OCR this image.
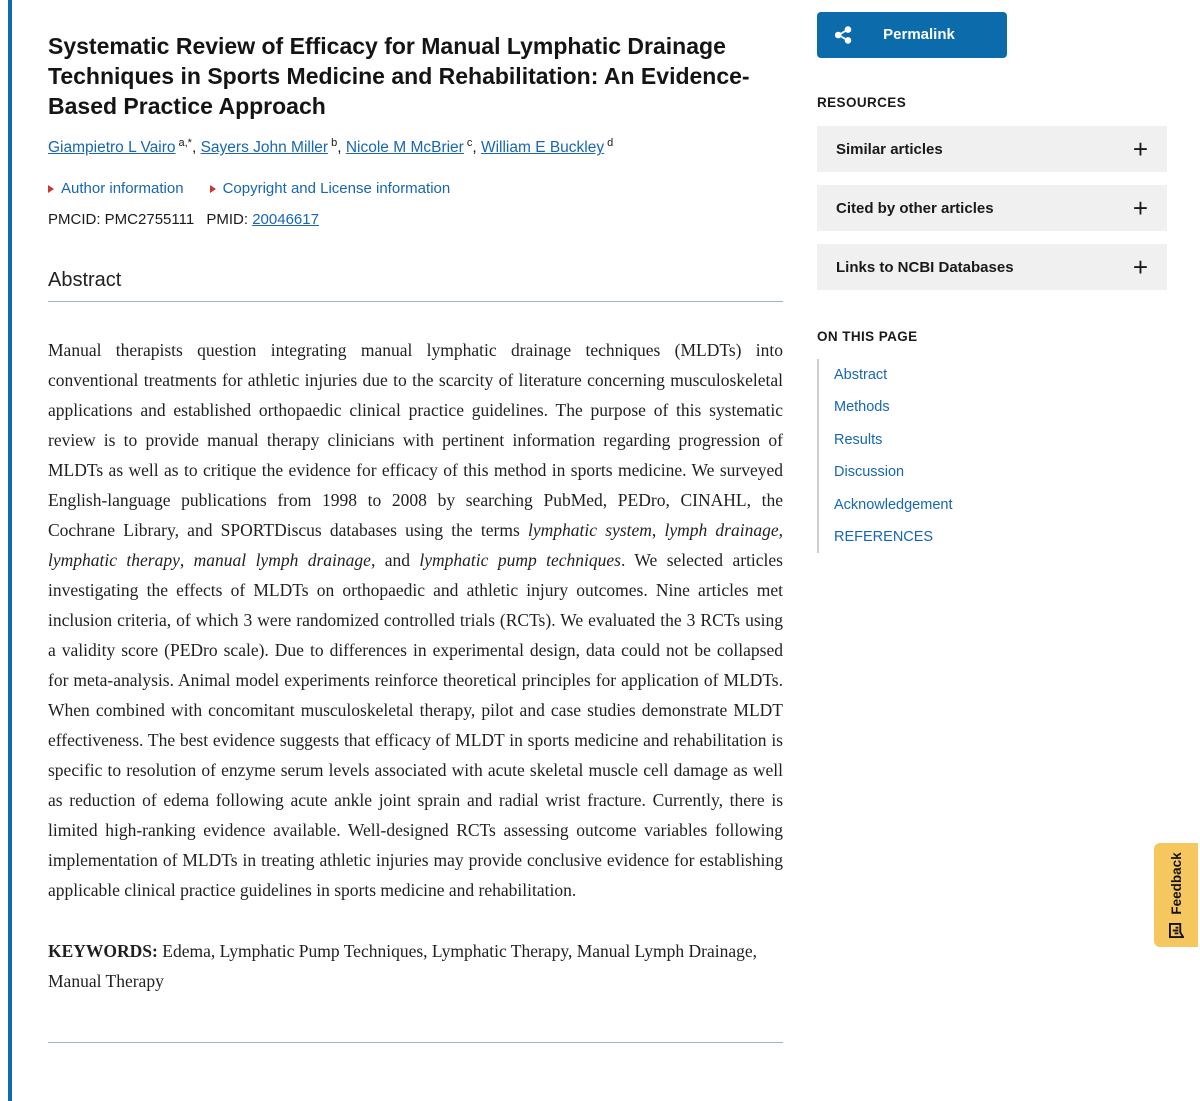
Systematic Review of Efficacy for Manual Lymphatic Drainage Techniques in Sports Medicine and Rehabilitation: An Evidence-Based Practice Approach
Giampietro L Vairo $^{a,*}$, Sayers John Miller $^b$, Nicole M McBrier $^c$, William E Buckley $^d$
Author information	Copyright and License information
PMCID: PMC2755111 PMID: 20046617
Abstract

Manual therapists question integrating manual lymphatic drainage techniques (MLDTs) into conventional treatments for athletic injuries due to the scarcity of literature concerning musculoskeletal applications and established orthopaedic clinical practice guidelines. The purpose of this systematic review is to provide manual therapy clinicians with pertinent information regarding progression of MLDTs as well as to critique the evidence for efficacy of this method in sports medicine. We surveyed English-language publications from 1998 to 2008 by searching PubMed, PEDro, CINAHL, the Cochrane Library, and SPORTDiscus databases using the terms lymphatic system, lymph drainage, lymphatic therapy, manual lymph drainage, and lymphatic pump techniques. We selected articles investigating the effects of MLDTs on orthopaedic and athletic injury outcomes. Nine articles met inclusion criteria, of which 3 were randomized controlled trials (RCTs). We evaluated the 3 RCTs using a validity score (PEDro scale). Due to differences in experimental design, data could not be collapsed for meta-analysis. Animal model experiments reinforce theoretical principles for application of MLDTs. When combined with concomitant musculoskeletal therapy, pilot and case studies demonstrate MLDT effectiveness. The best evidence suggests that efficacy of MLDT in sports medicine and rehabilitation is specific to resolution of enzyme serum levels associated with acute skeletal muscle cell damage as well as reduction of edema following acute ankle joint sprain and radial wrist fracture. Currently, there is limited high-ranking evidence available. Well-designed RCTs assessing outcome variables following implementation of MLDTs in treating athletic injuries may provide conclusive evidence for establishing applicable clinical practice guidelines in sports medicine and rehabilitation.

KEYWORDS: Edema, Lymphatic Pump Techniques, Lymphatic Therapy, Manual Lymph Drainage, Manual Therapy

Permalink
RESOURCES
Similar articles	+
Cited by other articles	+
Links to NCBI Databases	+
ON THIS PAGE
Abstract
Methods
Results
Discussion
Acknowledgement
REFERENCES
Feedback
